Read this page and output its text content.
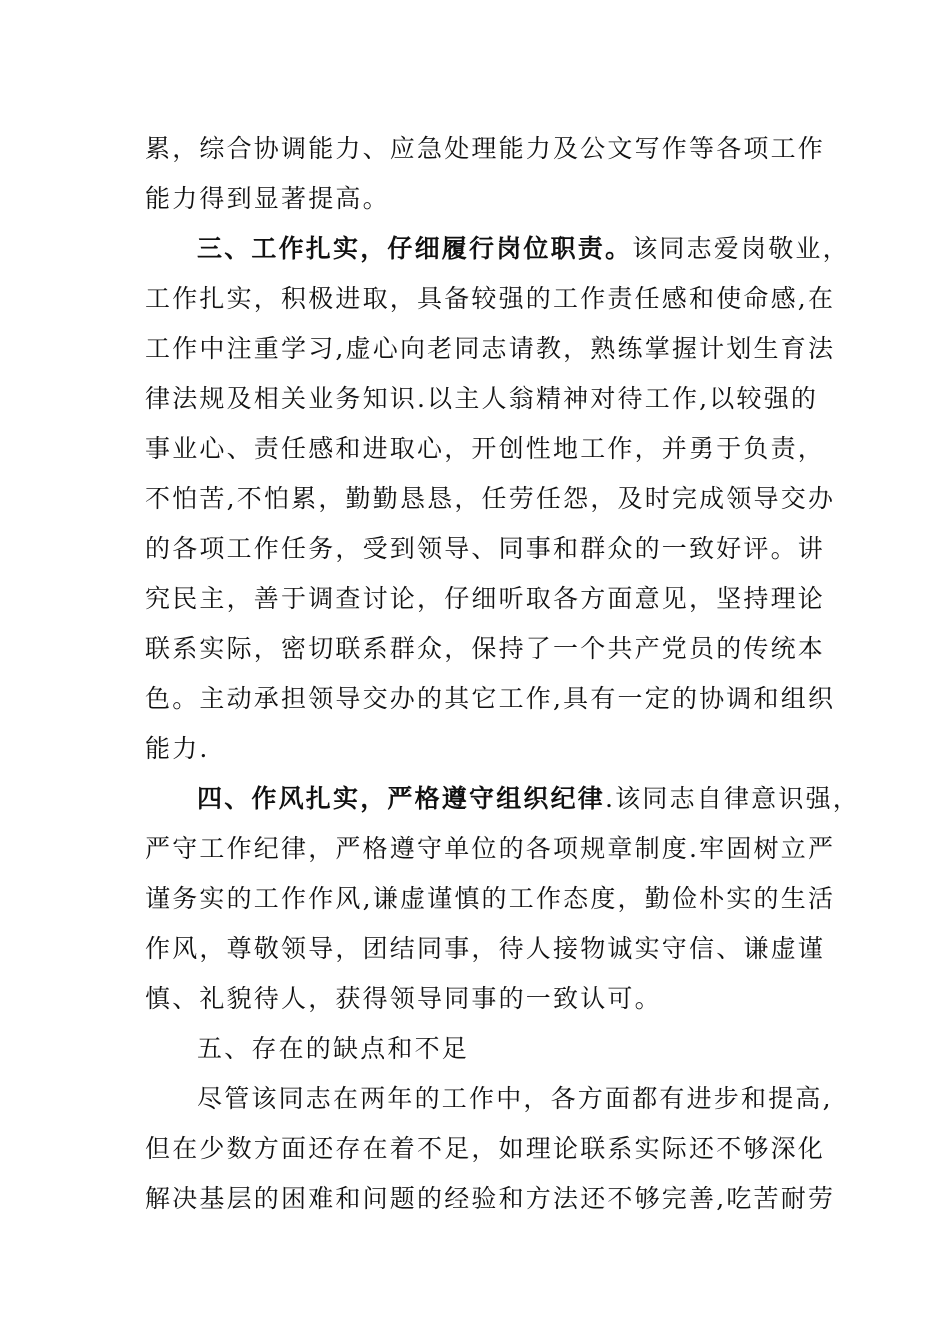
累，综合协调能力、应急处理能力及公文写作等各项工作
能力得到显著提高。
三、工作扎实，仔细履行岗位职责。该同志爱岗敬业，
工作扎实，积极进取，具备较强的工作责任感和使命感,在
工作中注重学习,虚心向老同志请教，熟练掌握计划生育法
律法规及相关业务知识.以主人翁精神对待工作,以较强的
事业心、责任感和进取心，开创性地工作，并勇于负责，
不怕苦,不怕累，勤勤恳恳，任劳任怨，及时完成领导交办
的各项工作任务，受到领导、同事和群众的一致好评。讲
究民主，善于调查讨论，仔细听取各方面意见，坚持理论
联系实际，密切联系群众，保持了一个共产党员的传统本
色。主动承担领导交办的其它工作,具有一定的协调和组织
能力.
四、作风扎实，严格遵守组织纪律.该同志自律意识强，
严守工作纪律，严格遵守单位的各项规章制度.牢固树立严
谨务实的工作作风,谦虚谨慎的工作态度，勤俭朴实的生活
作风，尊敬领导，团结同事，待人接物诚实守信、谦虚谨
慎、礼貌待人，获得领导同事的一致认可。
五、存在的缺点和不足
尽管该同志在两年的工作中，各方面都有进步和提高,
但在少数方面还存在着不足，如理论联系实际还不够深化
解决基层的困难和问题的经验和方法还不够完善,吃苦耐劳
